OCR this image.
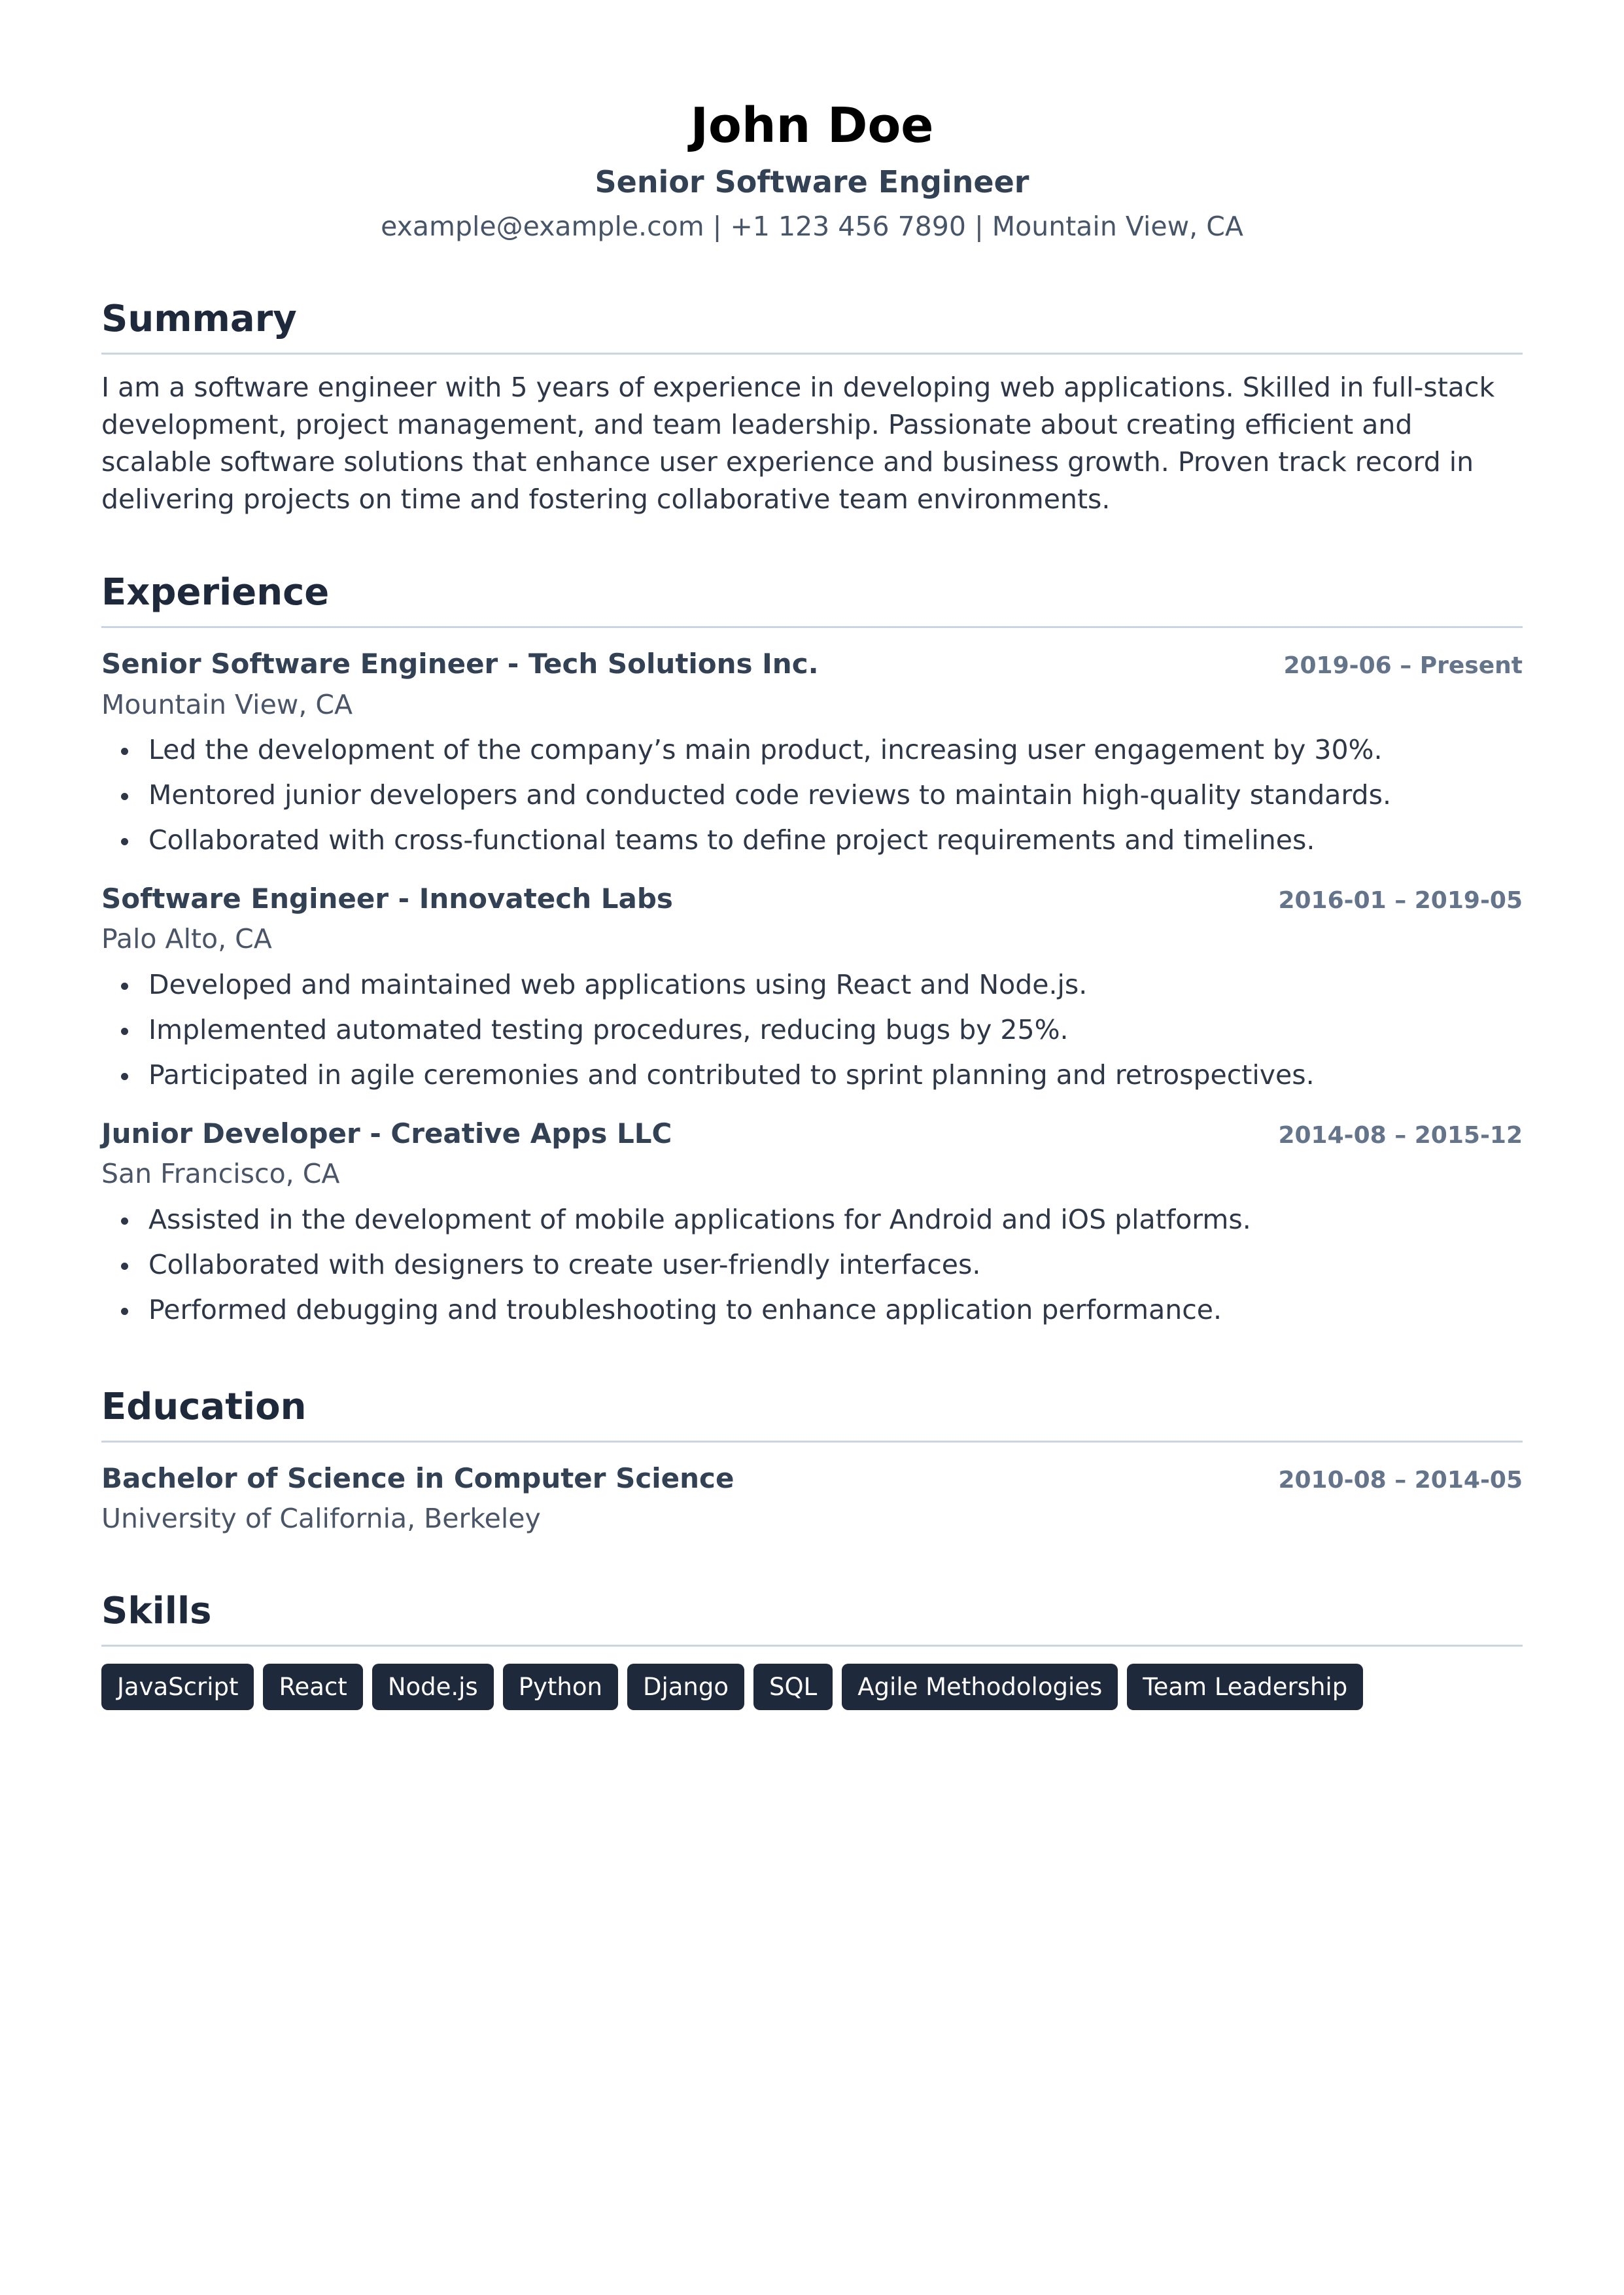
John Doe
Senior Software Engineer
example@example.com | +1 123 456 7890 | Mountain View, CA
Summary
I am a software engineer with 5 years of experience in developing web applications. Skilled in full-stack development, project management, and team leadership. Passionate about creating efficient and scalable software solutions that enhance user experience and business growth. Proven track record in delivering projects on time and fostering collaborative team environments.
Experience
Senior Software Engineer - Tech Solutions Inc.	2019-06 – Present
Mountain View, CA
Led the development of the company’s main product, increasing user engagement by 30%.
Mentored junior developers and conducted code reviews to maintain high-quality standards.
Collaborated with cross-functional teams to define project requirements and timelines.
Software Engineer - Innovatech Labs	2016-01 – 2019-05
Palo Alto, CA
Developed and maintained web applications using React and Node.js.
Implemented automated testing procedures, reducing bugs by 25%.
Participated in agile ceremonies and contributed to sprint planning and retrospectives.
Junior Developer - Creative Apps LLC	2014-08 – 2015-12
San Francisco, CA
Assisted in the development of mobile applications for Android and iOS platforms.
Collaborated with designers to create user-friendly interfaces.
Performed debugging and troubleshooting to enhance application performance.
Education
Bachelor of Science in Computer Science	2010-08 – 2014-05
University of California, Berkeley
Skills
JavaScript	React	Node.js	Python	Django	SQL	Agile Methodologies	Team Leadership
